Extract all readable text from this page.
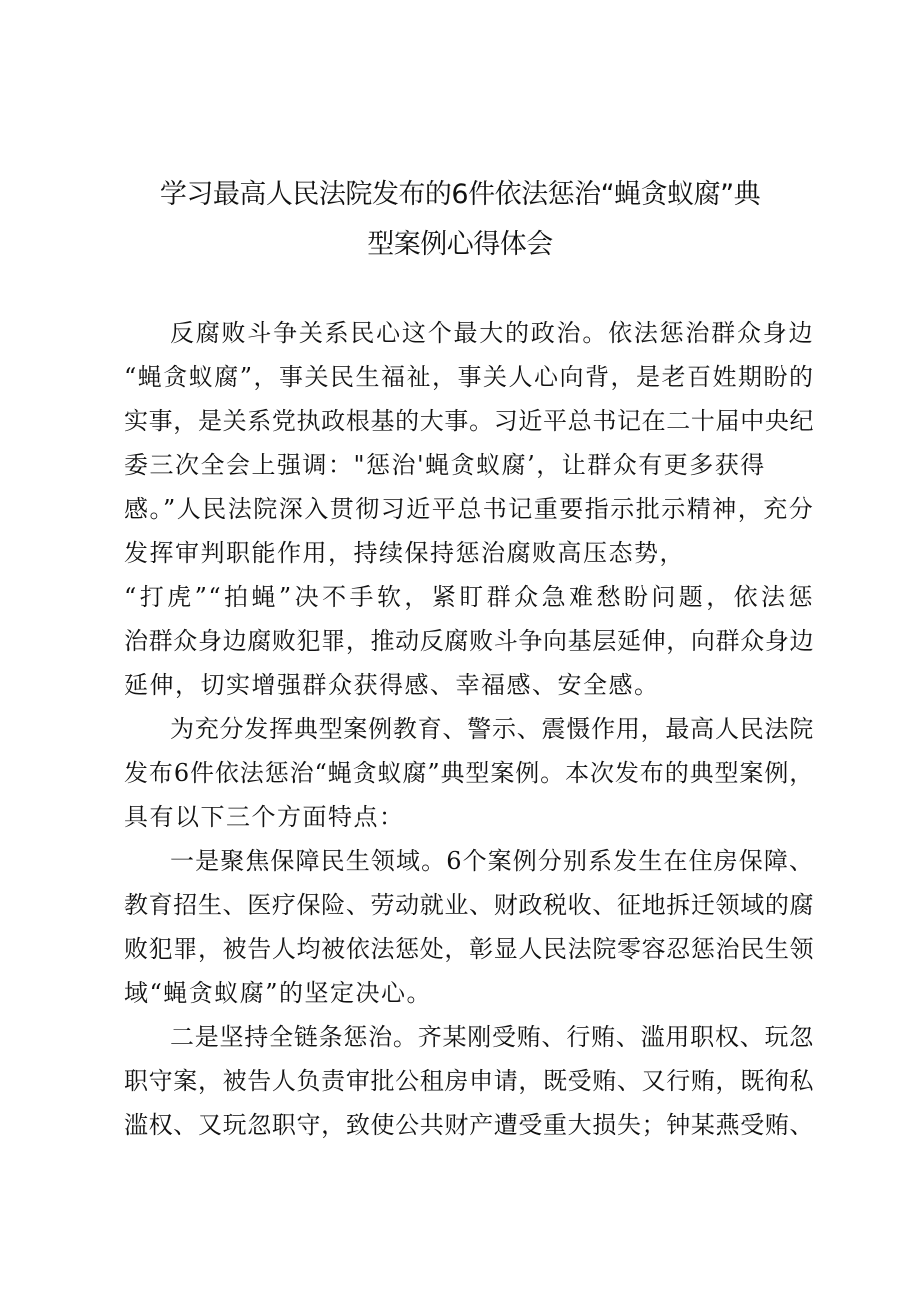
学习最高人民法院发布的6件依法惩治“蝇贪蚁腐”典
型案例心得体会
反腐败斗争关系民心这个最大的政治。依法惩治群众身边
“蝇贪蚁腐”，事关民生福祉，事关人心向背，是老百姓期盼的
实事，是关系党执政根基的大事。习近平总书记在二十届中央纪
委三次全会上强调："惩治'蝇贪蚁腐’，让群众有更多获得
感。”人民法院深入贯彻习近平总书记重要指示批示精神，充分
发挥审判职能作用，持续保持惩治腐败高压态势，
“打虎”“拍蝇”决不手软，紧盯群众急难愁盼问题，依法惩
治群众身边腐败犯罪，推动反腐败斗争向基层延伸，向群众身边
延伸，切实增强群众获得感、幸福感、安全感。
为充分发挥典型案例教育、警示、震慑作用，最高人民法院
发布6件依法惩治“蝇贪蚁腐”典型案例。本次发布的典型案例，
具有以下三个方面特点：
一是聚焦保障民生领域。6个案例分别系发生在住房保障、
教育招生、医疗保险、劳动就业、财政税收、征地拆迁领域的腐
败犯罪，被告人均被依法惩处，彰显人民法院零容忍惩治民生领
域“蝇贪蚁腐”的坚定决心。
二是坚持全链条惩治。齐某刚受贿、行贿、滥用职权、玩忽
职守案，被告人负责审批公租房申请，既受贿、又行贿，既徇私
滥权、又玩忽职守，致使公共财产遭受重大损失；钟某燕受贿、
